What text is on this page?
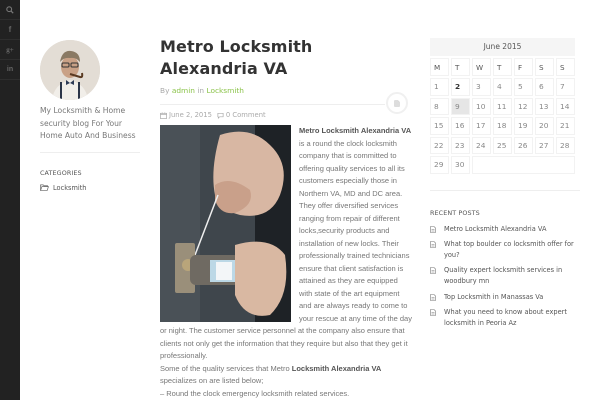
f
g+
in
My Locksmith & Home security blog For Your Home Auto And Business
CATEGORIES
Locksmith
Metro Locksmith Alexandria VA
By admin in Locksmith
June 2, 2015 0 Comment

Metro Locksmith Alexandria VA is a round the clock locksmith company that is committed to offering quality services to all its customers especially those in Northern VA, MD and DC area. They offer diversified services ranging from repair of different locks,security products and installation of new locks. Their professionally trained technicians ensure that client satisfaction is attained as they are equipped with state of the art equipment and are always ready to come to your rescue at any time of the day or night. The customer service personnel at the company also ensure that clients not only get the information that they require but also that they get it professionally.

Some of the quality services that Metro Locksmith Alexandria VA specializes on are listed below;

– Round the clock emergency locksmith related services.

June 2015
M	T	W	T	F	S	S
1	2	3	4	5	6	7
8	9	10	11	12	13	14
15	16	17	18	19	20	21
22	23	24	25	26	27	28
29	30					
RECENT POSTS
Metro Locksmith Alexandria VA
What top boulder co locksmith offer for you?
Quality expert locksmith services in woodbury mn
Top Locksmith in Manassas Va
What you need to know about expert locksmith in Peoria Az
